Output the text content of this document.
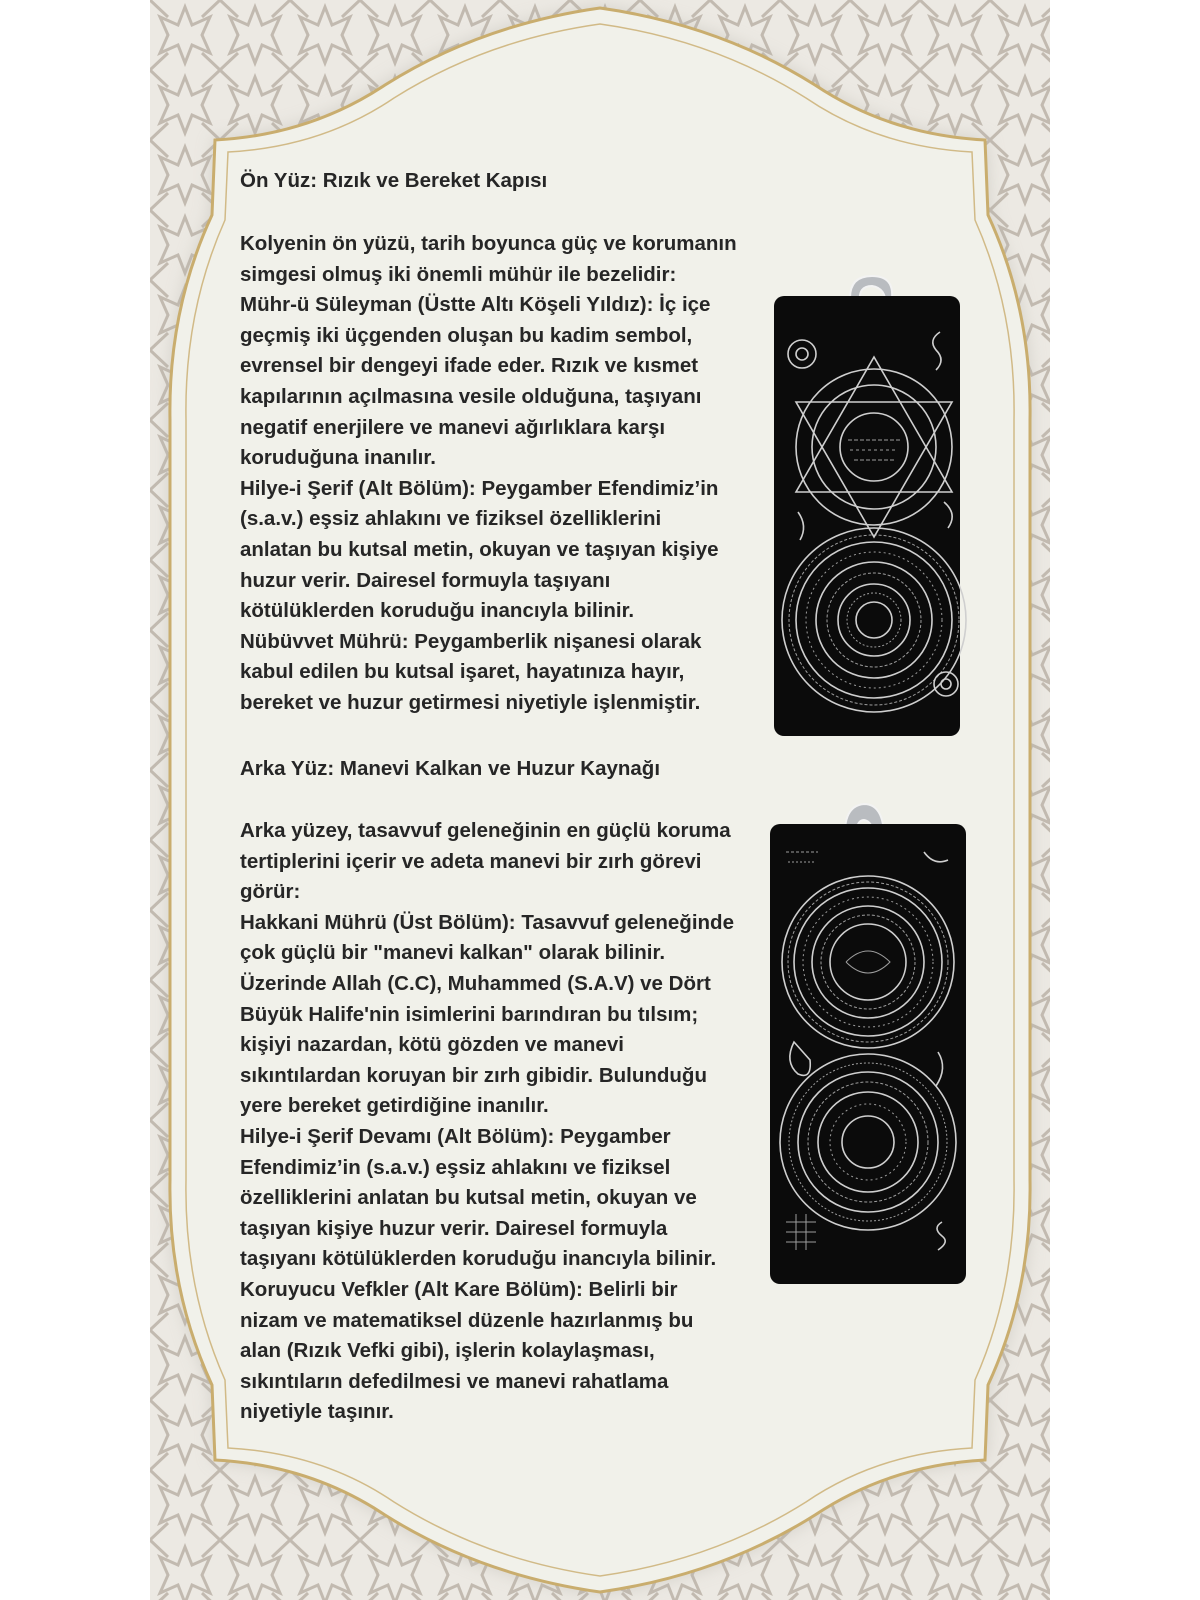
Ön Yüz: Rızık ve Bereket Kapısı
Kolyenin ön yüzü, tarih boyunca güç ve korumanın
simgesi olmuş iki önemli mühür ile bezelidir:
Mühr-ü Süleyman (Üstte Altı Köşeli Yıldız): İç içe
geçmiş iki üçgenden oluşan bu kadim sembol,
evrensel bir dengeyi ifade eder. Rızık ve kısmet
kapılarının açılmasına vesile olduğuna, taşıyanı
negatif enerjilere ve manevi ağırlıklara karşı
koruduğuna inanılır.
Hilye-i Şerif (Alt Bölüm): Peygamber Efendimiz’in
(s.a.v.) eşsiz ahlakını ve fiziksel özelliklerini
anlatan bu kutsal metin, okuyan ve taşıyan kişiye
huzur verir. Dairesel formuyla taşıyanı
kötülüklerden koruduğu inancıyla bilinir.
Nübüvvet Mührü: Peygamberlik nişanesi olarak
kabul edilen bu kutsal işaret, hayatınıza hayır,
bereket ve huzur getirmesi niyetiyle işlenmiştir.
Arka Yüz: Manevi Kalkan ve Huzur Kaynağı
Arka yüzey, tasavvuf geleneğinin en güçlü koruma
tertiplerini içerir ve adeta manevi bir zırh görevi
görür:
Hakkani Mührü (Üst Bölüm): Tasavvuf geleneğinde
çok güçlü bir "manevi kalkan" olarak bilinir.
Üzerinde Allah (C.C), Muhammed (S.A.V) ve Dört
Büyük Halife'nin isimlerini barındıran bu tılsım;
kişiyi nazardan, kötü gözden ve manevi
sıkıntılardan koruyan bir zırh gibidir. Bulunduğu
yere bereket getirdiğine inanılır.
Hilye-i Şerif Devamı (Alt Bölüm): Peygamber
Efendimiz’in (s.a.v.) eşsiz ahlakını ve fiziksel
özelliklerini anlatan bu kutsal metin, okuyan ve
taşıyan kişiye huzur verir. Dairesel formuyla
taşıyanı kötülüklerden koruduğu inancıyla bilinir.
Koruyucu Vefkler (Alt Kare Bölüm): Belirli bir
nizam ve matematiksel düzenle hazırlanmış bu
alan (Rızık Vefki gibi), işlerin kolaylaşması,
sıkıntıların defedilmesi ve manevi rahatlama
niyetiyle taşınır.
